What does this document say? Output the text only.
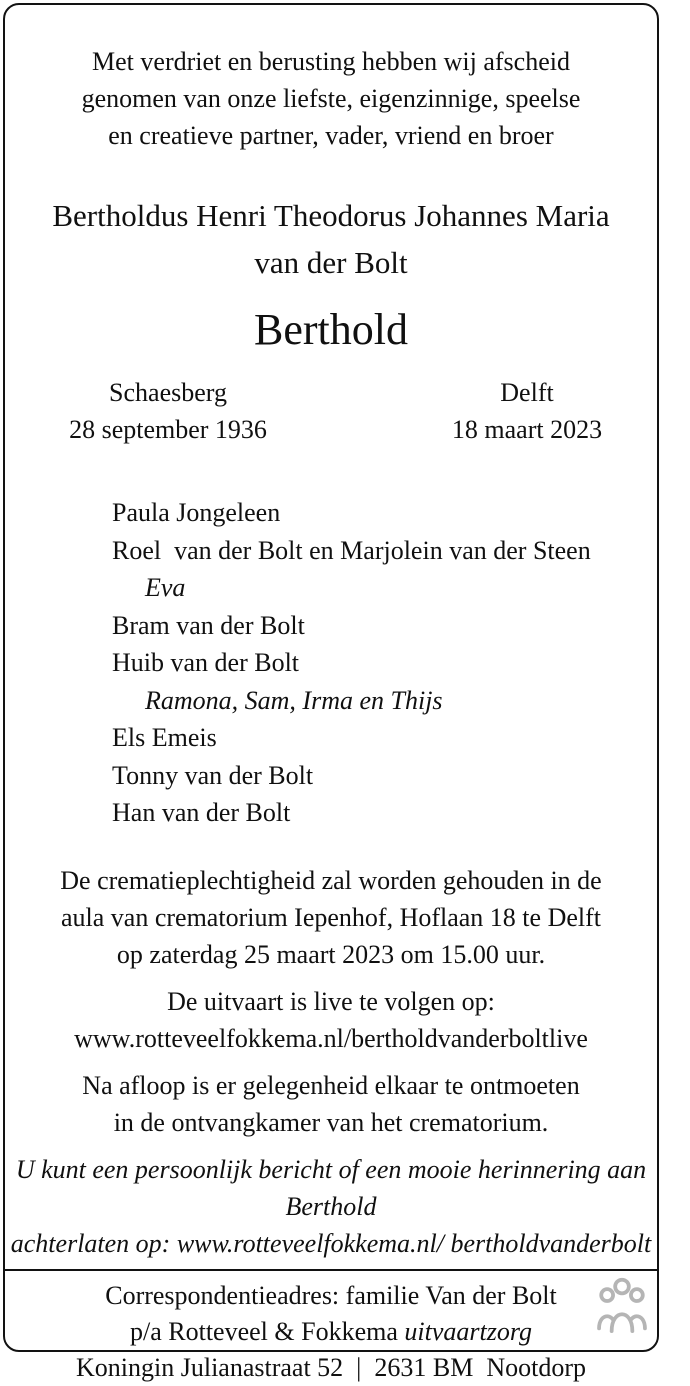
Met verdriet en berusting hebben wij afscheid
genomen van onze liefste, eigenzinnige, speelse
en creatieve partner, vader, vriend en broer
Bertholdus Henri Theodorus Johannes Maria
van der Bolt
Berthold
Schaesberg
28 september 1936
Delft
18 maart 2023
Paula Jongeleen
Roel  van der Bolt en Marjolein van der Steen
Eva
Bram van der Bolt
Huib van der Bolt
Ramona, Sam, Irma en Thijs
Els Emeis
Tonny van der Bolt
Han van der Bolt
De crematieplechtigheid zal worden gehouden in de
aula van crematorium Iepenhof, Hoflaan 18 te Delft
op zaterdag 25 maart 2023 om 15.00 uur.
De uitvaart is live te volgen op:
www.rotteveelfokkema.nl/bertholdvanderboltlive
Na afloop is er gelegenheid elkaar te ontmoeten
in de ontvangkamer van het crematorium.
U kunt een persoonlijk bericht of een mooie herinnering aan Berthold
achterlaten op: www.rotteveelfokkema.nl/ bertholdvanderbolt
Correspondentieadres: familie Van der Bolt
p/a Rotteveel & Fokkema uitvaartzorg
Koningin Julianastraat 52  |  2631 BM  Nootdorp
